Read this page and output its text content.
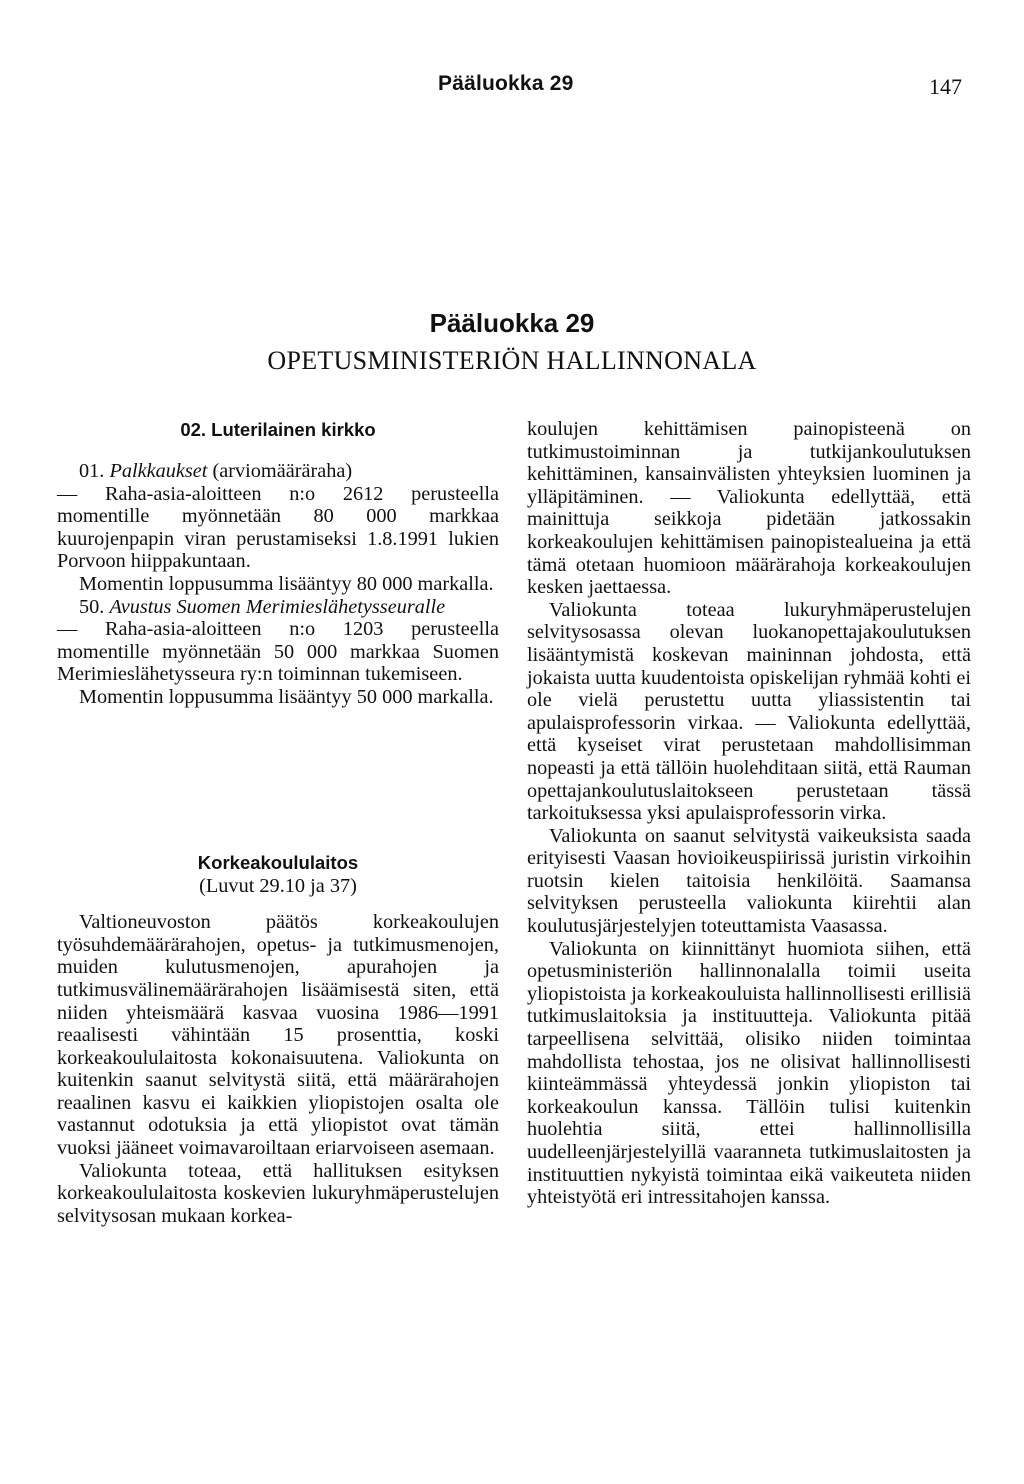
Pääluokka 29	147
Pääluokka 29
OPETUSMINISTERIÖN HALLINNONALA
02. Luterilainen kirkko

01. Palkkaukset (arviomääräraha)

— Raha-asia-aloitteen n:o 2612 perusteella momentille myönnetään 80 000 markkaa kuurojenpapin viran perustamiseksi 1.8.1991 lukien Porvoon hiippakuntaan.

Momentin loppusumma lisääntyy 80 000 markalla.

50. Avustus Suomen Merimieslähetysseuralle

— Raha-asia-aloitteen n:o 1203 perusteella momentille myönnetään 50 000 markkaa Suomen Merimieslähetysseura ry:n toiminnan tukemiseen.

Momentin loppusumma lisääntyy 50 000 markalla.

Korkeakoululaitos
(Luvut 29.10 ja 37)

Valtioneuvoston päätös korkeakoulujen työsuhdemäärärahojen, opetus- ja tutkimusmenojen, muiden kulutusmenojen, apurahojen ja tutkimusvälinemäärärahojen lisäämisestä siten, että niiden yhteismäärä kasvaa vuosina 1986—1991 reaalisesti vähintään 15 prosenttia, koski korkeakoululaitosta kokonaisuutena. Valiokunta on kuitenkin saanut selvitystä siitä, että määrärahojen reaalinen kasvu ei kaikkien yliopistojen osalta ole vastannut odotuksia ja että yliopistot ovat tämän vuoksi jääneet voimavaroiltaan eriarvoiseen asemaan.

Valiokunta toteaa, että hallituksen esityksen korkeakoululaitosta koskevien lukuryhmäperustelujen selvitysosan mukaan korkea-

koulujen kehittämisen painopisteenä on tutkimustoiminnan ja tutkijankoulutuksen kehittäminen, kansainvälisten yhteyksien luominen ja ylläpitäminen. — Valiokunta edellyttää, että mainittuja seikkoja pidetään jatkossakin korkeakoulujen kehittämisen painopistealueina ja että tämä otetaan huomioon määrärahoja korkeakoulujen kesken jaettaessa.

Valiokunta toteaa lukuryhmäperustelujen selvitysosassa olevan luokanopettajakoulutuksen lisääntymistä koskevan maininnan johdosta, että jokaista uutta kuudentoista opiskelijan ryhmää kohti ei ole vielä perustettu uutta yliassistentin tai apulaisprofessorin virkaa. — Valiokunta edellyttää, että kyseiset virat perustetaan mahdollisimman nopeasti ja että tällöin huolehditaan siitä, että Rauman opettajankoulutuslaitokseen perustetaan tässä tarkoituksessa yksi apulaisprofessorin virka.

Valiokunta on saanut selvitystä vaikeuksista saada erityisesti Vaasan hovioikeuspiirissä juristin virkoihin ruotsin kielen taitoisia henkilöitä. Saamansa selvityksen perusteella valiokunta kiirehtii alan koulutusjärjestelyjen toteuttamista Vaasassa.

Valiokunta on kiinnittänyt huomiota siihen, että opetusministeriön hallinnonalalla toimii useita yliopistoista ja korkeakouluista hallinnollisesti erillisiä tutkimuslaitoksia ja instituutteja. Valiokunta pitää tarpeellisena selvittää, olisiko niiden toimintaa mahdollista tehostaa, jos ne olisivat hallinnollisesti kiinteämmässä yhteydessä jonkin yliopiston tai korkeakoulun kanssa. Tällöin tulisi kuitenkin huolehtia siitä, ettei hallinnollisilla uudelleenjärjestelyillä vaaranneta tutkimuslaitosten ja instituuttien nykyistä toimintaa eikä vaikeuteta niiden yhteistyötä eri intressitahojen kanssa.
